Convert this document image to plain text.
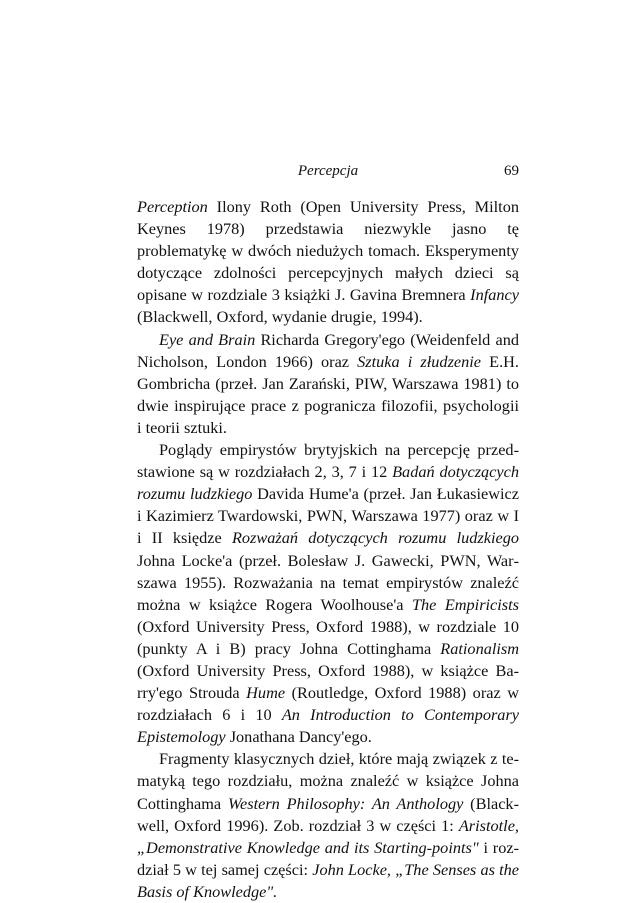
Percepcja	69

Perception Ilony Roth (Open University Press, Milton Keynes 1978) przedstawia niezwykle jasno tę problematykę w dwóch niedużych tomach. Eksperymenty dotyczące zdolności percepcyjnych małych dzieci są opisane w rozdziale 3 książki J. Gavina Bremnera Infancy (Blackwell, Oxford, wydanie drugie, 1994).

Eye and Brain Richarda Gregory'ego (Weidenfeld and Nicholson, London 1966) oraz Sztuka i złudzenie E.H. Gombricha (przeł. Jan Zarański, PIW, Warszawa 1981) to dwie inspirujące prace z pogranicza filozofii, psychologii i teorii sztuki.

Poglądy empirystów brytyjskich na percepcję przedstawione są w rozdziałach 2, 3, 7 i 12 Badań dotyczących rozumu ludzkiego Davida Hume'a (przeł. Jan Łukasiewicz i Kazimierz Twardowski, PWN, Warszawa 1977) oraz w I i II księdze Rozważań dotyczących rozumu ludzkiego Johna Locke'a (przeł. Bolesław J. Gawecki, PWN, Warszawa 1955). Rozważania na temat empirystów znaleźć można w książce Rogera Woolhouse'a The Empiricists (Oxford University Press, Oxford 1988), w rozdziale 10 (punkty A i B) pracy Johna Cottinghama Rationalism (Oxford University Press, Oxford 1988), w książce Barry'ego Strouda Hume (Routledge, Oxford 1988) oraz w rozdziałach 6 i 10 An Introduction to Contemporary Epistemology Jonathana Dancy'ego.

Fragmenty klasycznych dzieł, które mają związek z tematyką tego rozdziału, można znaleźć w książce Johna Cottinghama Western Philosophy: An Anthology (Blackwell, Oxford 1996). Zob. rozdział 3 w części 1: Aristotle, „Demonstrative Knowledge and its Starting-points" i rozdział 5 w tej samej części: John Locke, „The Senses as the Basis of Knowledge".
